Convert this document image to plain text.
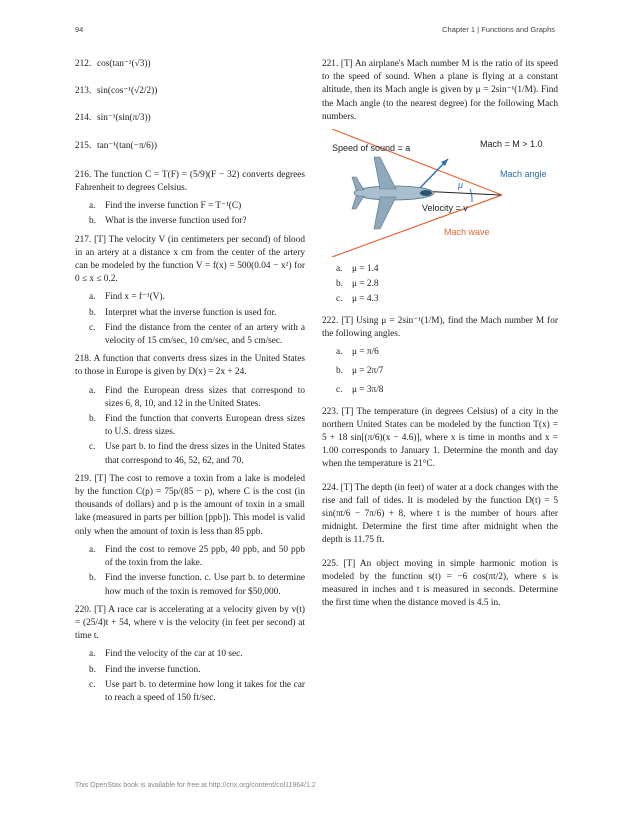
94	Chapter 1 | Functions and Graphs
212. cos(tan⁻¹(√3))
213. sin(cos⁻¹(√2/2))
214. sin⁻¹(sin(π/3))
215. tan⁻¹(tan(−π/6))

216. The function C = T(F) = (5/9)(F − 32) converts degrees Fahrenheit to degrees Celsius.

a.	Find the inverse function F = T⁻¹(C)
b. What is the inverse function used for?

217. [T] The velocity V (in centimeters per second) of blood in an artery at a distance x cm from the center of the artery can be modeled by the function V = f(x) = 500(0.04 − x²) for 0 ≤ x ≤ 0.2.

a.	Find x = f⁻¹(V).
b. Interpret what the inverse function is used for.
c.	Find the distance from the center of an artery with a velocity of 15 cm/sec, 10 cm/sec, and 5 cm/sec.

218. A function that converts dress sizes in the United States to those in Europe is given by D(x) = 2x + 24.

a.	Find the European dress sizes that correspond to sizes 6, 8, 10, and 12 in the United States.
b. Find the function that converts European dress sizes to U.S. dress sizes.
c.	Use part b. to find the dress sizes in the United States that correspond to 46, 52, 62, and 70.

219. [T] The cost to remove a toxin from a lake is modeled by the function C(p) = 75p/(85 − p), where C is the cost (in thousands of dollars) and p is the amount of toxin in a small lake (measured in parts per billion [ppb]). This model is valid only when the amount of toxin is less than 85 ppb.

a.	Find the cost to remove 25 ppb, 40 ppb, and 50 ppb of the toxin from the lake.
b. Find the inverse function. c. Use part b. to determine how much of the toxin is removed for $50,000.

220. [T] A race car is accelerating at a velocity given by v(t) = (25/4)t + 54, where v is the velocity (in feet per second) at time t.

a.	Find the velocity of the car at 10 sec.
b. Find the inverse function.
c.	Use part b. to determine how long it takes for the car to reach a speed of 150 ft/sec.

221. [T] An airplane's Mach number M is the ratio of its speed to the speed of sound. When a plane is flying at a constant altitude, then its Mach angle is given by μ = 2sin⁻¹(1/M). Find the Mach angle (to the nearest degree) for the following Mach numbers.

Speed of sound = a	Mach = M > 1.0
Mach angle
μ
Velocity = v
Mach wave
a.	μ = 1.4
b. μ = 2.8
c.	μ = 4.3

222. [T] Using μ = 2sin⁻¹(1/M), find the Mach number M for the following angles.

a.	μ = π/6
b. μ = 2π/7
c.	μ = 3π/8

223. [T] The temperature (in degrees Celsius) of a city in the northern United States can be modeled by the function T(x) = 5 + 18 sin[(π/6)(x − 4.6)], where x is time in months and x = 1.00 corresponds to January 1. Determine the month and day when the temperature is 21°C.

224. [T] The depth (in feet) of water at a dock changes with the rise and fall of tides. It is modeled by the function D(t) = 5 sin(πt/6 − 7π/6) + 8, where t is the number of hours after midnight. Determine the first time after midnight when the depth is 11.75 ft.

225. [T] An object moving in simple harmonic motion is modeled by the function s(t) = −6 cos(πt/2), where s is measured in inches and t is measured in seconds. Determine the first time when the distance moved is 4.5 in.

This OpenStax book is available for free at http://cnx.org/content/col11964/1.2
